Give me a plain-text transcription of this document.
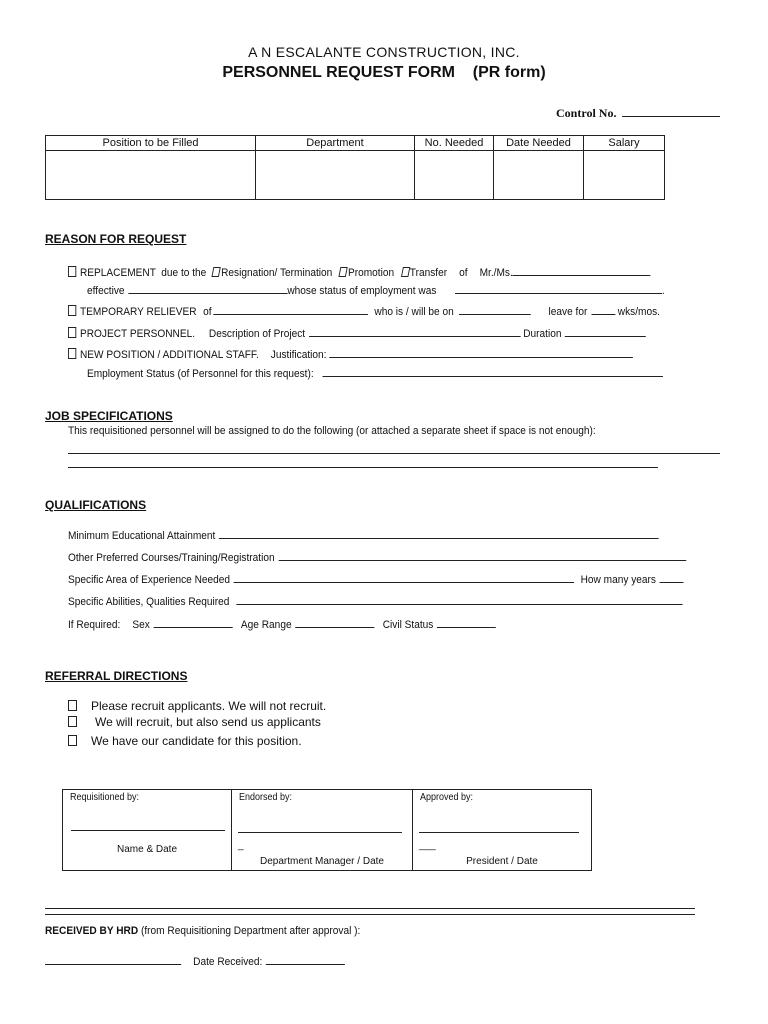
A N ESCALANTE CONSTRUCTION, INC.
PERSONNEL REQUEST FORM    (PR form)
Control No.
Position to be Filled	Department	No. Needed	Date Needed	Salary

REASON FOR REQUEST
REPLACEMENT due to the Resignation/ Termination Promotion Transfer of Mr./Ms.
effective	whose status of employment was	.
TEMPORARY RELIEVER of	who is / will be on	leave for	wks/mos.
PROJECT PERSONNEL. Description of Project	Duration
NEW POSITION / ADDITIONAL STAFF. Justification:
Employment Status (of Personnel for this request):
JOB SPECIFICATIONS
This requisitioned personnel will be assigned to do the following (or attached a separate sheet if space is not enough):
QUALIFICATIONS
Minimum Educational Attainment
Other Preferred Courses/Training/Registration
Specific Area of Experience Needed	How many years
Specific Abilities, Qualities Required
If Required: Sex	Age Range	Civil Status
REFERRAL DIRECTIONS
Please recruit applicants. We will not recruit.
We will recruit, but also send us applicants
We have our candidate for this position.
Requisitioned by:
Name & Date

Endorsed by:
_
Department Manager / Date

Approved by:
___
President / Date
RECEIVED BY HRD (from Requisitioning Department after approval ):
Date Received:
